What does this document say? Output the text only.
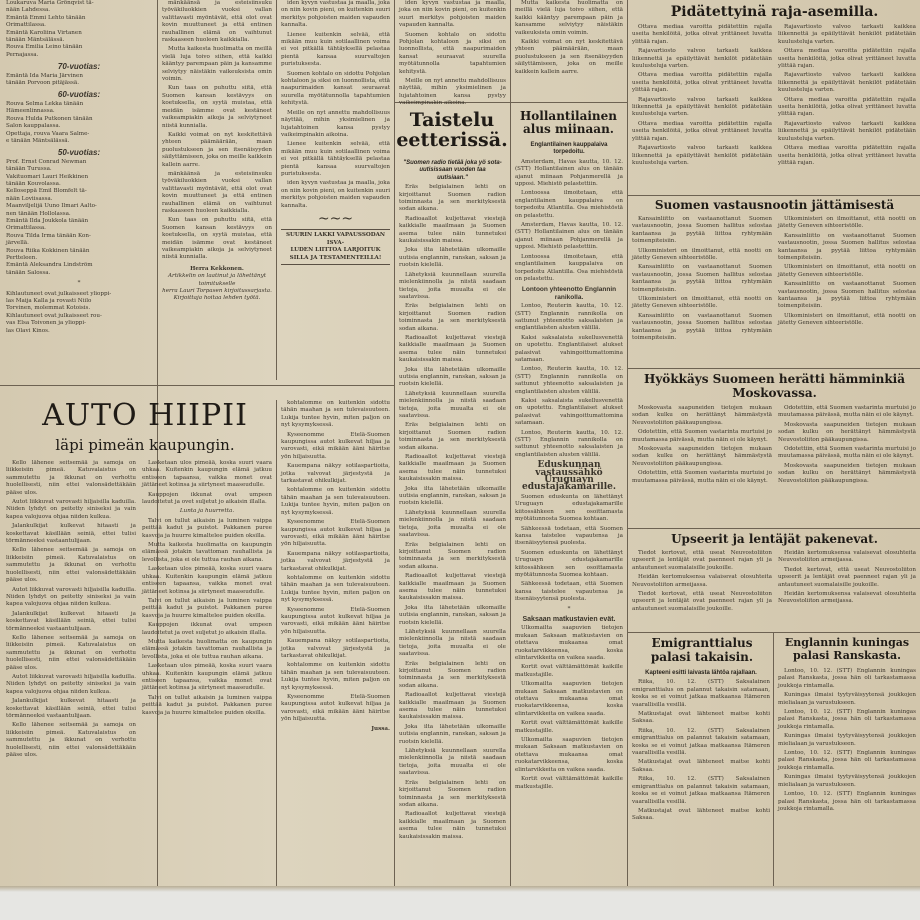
Loukaruva Maria Grönqvist tä-
nään Lahdessa.
Emäntä Emmi Lehto tänään
Orimattilassa.
Emäntä Karoliina Virtanen
tänään Mäntsälässä.
Rouva Emilia Leino tänään
Pernajassa.
70-vuotias:
Emäntä Ida Maria Järvinen
tänään Porvoon pitäjässä.
60-vuotias:
Rouva Selma Lekka tänään
Hämeenlinnassa.
Rouva Hulda Putkonen tänään
Salon kauppalassa.
Opettaja, rouva Vaara Salme-
e tänään Mäntsälässä.
50-vuotias:
Prof. Ernst Conrad Newman
tänään Turussa.
Vakituomari Lauri Heikkinen
tänään Kouvolassa.
Kelloseppä Emil Blomfelt tä-
nään Loviisassa.
Maanviljelijä Uuno Ilmari Aalto-
nen tänään Hollolassa.
Emäntä Ilda Joukkola tänään
Orimattilassa.
Rouva Tilda Irma tänään Kon-
järvellä.
Rouva Riika Kokkinen tänään
Pertteleen.
Emäntä Aleksandra Lindström
tänään Salossa.
*
Kihlautuneet ovat julkaisseet ylioppi-
las Maija Kalla ja rovasti Niilo
Torvinen, molemmat Kotoisis.
Kihlautuneet ovat julkaisseet rou-
vas Elsa Toivonen ja ylioppi-
las Olavi Kinos.

mänkäänsä ja esteisiinsuku työväkiluokkien vuoksi vallan valittavasti myöntävät, että olot ovat kovin muuttuneet ja että entinen rauhallinen elämä on vaihtunut raskaaseen huoleen kaikkialla.

Mutta kaikesta huolimatta on meillä vielä luja toivo siihen, että kaikki kääntyy parempaan päin ja kansamme selviytyy näistäkin vaikeuksista omin voimin.

Kun taas on puhuttu siitä, että Suomen kansan kestävyys on koetuksella, on syytä muistaa, että meidän isämme ovat kestäneet vaikeampiakin aikoja ja selviytyneet niistä kunnialla.

Kaikki voimat on nyt keskitettävä yhteen päämäärään, maan puolustukseen ja sen itsenäisyyden säilyttämiseen, joka on meille kaikkein kallein aarre.

mänkäänsä ja esteisiinsuku työväkiluokkien vuoksi vallan valittavasti myöntävät, että olot ovat kovin muuttuneet ja että entinen rauhallinen elämä on vaihtunut raskaaseen huoleen kaikkialla.

Kun taas on puhuttu siitä, että Suomen kansan kestävyys on koetuksella, on syytä muistaa, että meidän isämme ovat kestäneet vaikeampiakin aikoja ja selviytyneet niistä kunnialla.

Herra Kekkonen.
Artikkelin on laatinut ja lähettänyt toimitukselle
herra Lauri Torpasen kirjoitussarjasta.
Kirjoittaja hoitaa lehden työtä.

iden kyvyn vastustaa ja maalla, joka on niin kovin pieni, on kuitenkin suuri merkitys pohjoisten maiden vapauden kannalta.

Lienee kuitenkin selvää, että mikään muu kuin sotilaallinen voima ei voi pitkällä tähtäyksellä pelastaa pientä kansaa suurvaltojen puristuksesta.

Suomen kohtalo on sidottu Pohjolan kohtaloon ja siksi on luonnollista, että naapurimaiden kansat seuraavat suurella myötätunnolla tapahtumien kehitystä.

Meille on nyt annettu mahdollisuus näyttää, mihin yksimielinen ja lujatahtoinen kansa pystyy vaikeimpinakin aikoina.

Lienee kuitenkin selvää, että mikään muu kuin sotilaallinen voima ei voi pitkällä tähtäyksellä pelastaa pientä kansaa suurvaltojen puristuksesta.

iden kyvyn vastustaa ja maalla, joka on niin kovin pieni, on kuitenkin suuri merkitys pohjoisten maiden vapauden kannalta.

~~~
SUURIN LAKKI VAPAUSSODAN ISVA-
LUDEN LIITTOA LARJOITUK
SILLA JA TESTAMENTEILLA!
AUTO HIIPII
läpi pimeän kaupungin.

Kello lähenee seitsemää ja samoja on liikkeisiin pimeä. Katuvalaistus on sammutettu ja ikkunat on verhottu huolellisesti, niin ettei valonsädettäkään pääse ulos.

Autot liikkuvat varovasti hiljaisilla kaduilla. Niiden lyhdyt on peitetty siniseksi ja vain kapea valojuova ohjaa niiden kulkua.

Jalankulkijat kulkevat hitaasti ja koskettavat käsillään seiniä, ettei tulisi törmänneeksi vastaantulijaan.

Kello lähenee seitsemää ja samoja on liikkeisiin pimeä. Katuvalaistus on sammutettu ja ikkunat on verhottu huolellisesti, niin ettei valonsädettäkään pääse ulos.

Autot liikkuvat varovasti hiljaisilla kaduilla. Niiden lyhdyt on peitetty siniseksi ja vain kapea valojuova ohjaa niiden kulkua.

Jalankulkijat kulkevat hitaasti ja koskettavat käsillään seiniä, ettei tulisi törmänneeksi vastaantulijaan.

Kello lähenee seitsemää ja samoja on liikkeisiin pimeä. Katuvalaistus on sammutettu ja ikkunat on verhottu huolellisesti, niin ettei valonsädettäkään pääse ulos.

Autot liikkuvat varovasti hiljaisilla kaduilla. Niiden lyhdyt on peitetty siniseksi ja vain kapea valojuova ohjaa niiden kulkua.

Jalankulkijat kulkevat hitaasti ja koskettavat käsillään seiniä, ettei tulisi törmänneeksi vastaantulijaan.

Kello lähenee seitsemää ja samoja on liikkeisiin pimeä. Katuvalaistus on sammutettu ja ikkunat on verhottu huolellisesti, niin ettei valonsädettäkään pääse ulos.

Lasketaan ulos pimeää, koska suuri vaara uhkaa. Kuitenkin kaupungin elämä jatkuu entiseen tapaansa, vaikka monet ovat jättäneet kotinsa ja siirtyneet maaseudulle.

Kauppojen ikkunat ovat umpeen laudoitetut ja ovet suljetut jo aikaisin illalla.

Lunta ja huurretta.

Talvi on tullut aikaisin ja luminen vaippa peittää kadut ja puistot. Pakkanen puree kasvoja ja huurre kimaltelee puiden oksilla.

Mutta kaikesta huolimatta on kaupungin elämässä jotakin tavattoman rauhallista ja levollista, joka ei ole tuttua rauhan aikana.

Lasketaan ulos pimeää, koska suuri vaara uhkaa. Kuitenkin kaupungin elämä jatkuu entiseen tapaansa, vaikka monet ovat jättäneet kotinsa ja siirtyneet maaseudulle.

Talvi on tullut aikaisin ja luminen vaippa peittää kadut ja puistot. Pakkanen puree kasvoja ja huurre kimaltelee puiden oksilla.

Kauppojen ikkunat ovat umpeen laudoitetut ja ovet suljetut jo aikaisin illalla.

Mutta kaikesta huolimatta on kaupungin elämässä jotakin tavattoman rauhallista ja levollista, joka ei ole tuttua rauhan aikana.

Lasketaan ulos pimeää, koska suuri vaara uhkaa. Kuitenkin kaupungin elämä jatkuu entiseen tapaansa, vaikka monet ovat jättäneet kotinsa ja siirtyneet maaseudulle.

Talvi on tullut aikaisin ja luminen vaippa peittää kadut ja puistot. Pakkanen puree kasvoja ja huurre kimaltelee puiden oksilla.

kohtalomme on kuitenkin sidottu tähän maahan ja sen tulevaisuuteen. Lukija tuntee hyvin, miten paljon on nyt kysymyksessä.

Kyseenomme Etelä-Suomen kaupungissa autot kulkevat hiljaa ja varovasti, eikä mikään ääni häiritse yön hiljaisuutta.

Kauempana näkyy sotilaspartioita, jotka valvovat järjestystä ja tarkastavat ohikulkijat.

kohtalomme on kuitenkin sidottu tähän maahan ja sen tulevaisuuteen. Lukija tuntee hyvin, miten paljon on nyt kysymyksessä.

Kyseenomme Etelä-Suomen kaupungissa autot kulkevat hiljaa ja varovasti, eikä mikään ääni häiritse yön hiljaisuutta.

Kauempana näkyy sotilaspartioita, jotka valvovat järjestystä ja tarkastavat ohikulkijat.

kohtalomme on kuitenkin sidottu tähän maahan ja sen tulevaisuuteen. Lukija tuntee hyvin, miten paljon on nyt kysymyksessä.

Kyseenomme Etelä-Suomen kaupungissa autot kulkevat hiljaa ja varovasti, eikä mikään ääni häiritse yön hiljaisuutta.

Kauempana näkyy sotilaspartioita, jotka valvovat järjestystä ja tarkastavat ohikulkijat.

kohtalomme on kuitenkin sidottu tähän maahan ja sen tulevaisuuteen. Lukija tuntee hyvin, miten paljon on nyt kysymyksessä.

Kyseenomme Etelä-Suomen kaupungissa autot kulkevat hiljaa ja varovasti, eikä mikään ääni häiritse yön hiljaisuutta.

Jussa.

iden kyvyn vastustaa ja maalla, joka on niin kovin pieni, on kuitenkin suuri merkitys pohjoisten maiden vapauden kannalta.

Suomen kohtalo on sidottu Pohjolan kohtaloon ja siksi on luonnollista, että naapurimaiden kansat seuraavat suurella myötätunnolla tapahtumien kehitystä.

Meille on nyt annettu mahdollisuus näyttää, mihin yksimielinen ja lujatahtoinen kansa pystyy vaikeimpinakin aikoina.

Taistelu eetterissä.
"Suomen radio tietää joka yö sota-
uutisissaan vuoden taa
uutisiaan."

Eräs belgialainen lehti on kirjoittanut Suomen radion toiminnasta ja sen merkityksestä sodan aikana.

Radioaallot kuljettavat viestejä kaikkialle maailmaan ja Suomen asema tulee näin tunnetuksi kaukaisissakin maissa.

Joka ilta lähetetään ulkomaille uutisia englannin, ranskan, saksan ja ruotsin kielellä.

Lähetyksiä kuunnellaan suurella mielenkiinnolla ja niistä saadaan tietoja, joita muualta ei ole saatavissa.

Eräs belgialainen lehti on kirjoittanut Suomen radion toiminnasta ja sen merkityksestä sodan aikana.

Radioaallot kuljettavat viestejä kaikkialle maailmaan ja Suomen asema tulee näin tunnetuksi kaukaisissakin maissa.

Joka ilta lähetetään ulkomaille uutisia englannin, ranskan, saksan ja ruotsin kielellä.

Lähetyksiä kuunnellaan suurella mielenkiinnolla ja niistä saadaan tietoja, joita muualta ei ole saatavissa.

Eräs belgialainen lehti on kirjoittanut Suomen radion toiminnasta ja sen merkityksestä sodan aikana.

Radioaallot kuljettavat viestejä kaikkialle maailmaan ja Suomen asema tulee näin tunnetuksi kaukaisissakin maissa.

Joka ilta lähetetään ulkomaille uutisia englannin, ranskan, saksan ja ruotsin kielellä.

Lähetyksiä kuunnellaan suurella mielenkiinnolla ja niistä saadaan tietoja, joita muualta ei ole saatavissa.

Eräs belgialainen lehti on kirjoittanut Suomen radion toiminnasta ja sen merkityksestä sodan aikana.

Radioaallot kuljettavat viestejä kaikkialle maailmaan ja Suomen asema tulee näin tunnetuksi kaukaisissakin maissa.

Joka ilta lähetetään ulkomaille uutisia englannin, ranskan, saksan ja ruotsin kielellä.

Lähetyksiä kuunnellaan suurella mielenkiinnolla ja niistä saadaan tietoja, joita muualta ei ole saatavissa.

Eräs belgialainen lehti on kirjoittanut Suomen radion toiminnasta ja sen merkityksestä sodan aikana.

Radioaallot kuljettavat viestejä kaikkialle maailmaan ja Suomen asema tulee näin tunnetuksi kaukaisissakin maissa.

Joka ilta lähetetään ulkomaille uutisia englannin, ranskan, saksan ja ruotsin kielellä.

Lähetyksiä kuunnellaan suurella mielenkiinnolla ja niistä saadaan tietoja, joita muualta ei ole saatavissa.

Eräs belgialainen lehti on kirjoittanut Suomen radion toiminnasta ja sen merkityksestä sodan aikana.

Radioaallot kuljettavat viestejä kaikkialle maailmaan ja Suomen asema tulee näin tunnetuksi kaukaisissakin maissa.

Mutta kaikesta huolimatta on meillä vielä luja toivo siihen, että kaikki kääntyy parempaan päin ja kansamme selviytyy näistäkin vaikeuksista omin voimin.

Kaikki voimat on nyt keskitettävä yhteen päämäärään, maan puolustukseen ja sen itsenäisyyden säilyttämiseen, joka on meille kaikkein kallein aarre.

Hollantilainen alus miinaan.
Englantilainen kauppalaiva torpedoitu.

Amsterdam, Havas kautta, 10. 12. (STT) Hollantilainen alus on tänään ajanut miinaan Pohjanmerellä ja upposi. Miehistö pelastettiin.

Lontoossa ilmoitetaan, että englantilainen kauppalaiva on torpedoitu Atlantilla. Osa miehistöstä on pelastettu.

Amsterdam, Havas kautta, 10. 12. (STT) Hollantilainen alus on tänään ajanut miinaan Pohjanmerellä ja upposi. Miehistö pelastettiin.

Lontoossa ilmoitetaan, että englantilainen kauppalaiva on torpedoitu Atlantilla. Osa miehistöstä on pelastettu.

Lontoon yhteenotto Englannin ranikolla.

Lontoo, Reuterin kautta, 10. 12. (STT) Englannin rannikolla on sattunut yhteenotto saksalaisten ja englantilaisten alusten välillä.

Kaksi saksalaista sukellusvenettä on upotettu. Englantilaiset alukset palasivat vahingoittumattomina satamaan.

Lontoo, Reuterin kautta, 10. 12. (STT) Englannin rannikolla on sattunut yhteenotto saksalaisten ja englantilaisten alusten välillä.

Kaksi saksalaista sukellusvenettä on upotettu. Englantilaiset alukset palasivat vahingoittumattomina satamaan.

Lontoo, Reuterin kautta, 10. 12. (STT) Englannin rannikolla on sattunut yhteenotto saksalaisten ja englantilaisten alusten välillä.

Eduskunnan vastaussähkö Uruguayn edustajakamarille.

Suomen eduskunta on lähettänyt Uruguayn edustajakamarille kiitossähkeen sen osoittamasta myötätunnosta Suomea kohtaan.

Sähkeessä todetaan, että Suomen kansa taistelee vapautensa ja itsenäisyytensä puolesta.

Suomen eduskunta on lähettänyt Uruguayn edustajakamarille kiitossähkeen sen osoittamasta myötätunnosta Suomea kohtaan.

Sähkeessä todetaan, että Suomen kansa taistelee vapautensa ja itsenäisyytensä puolesta.

*
Saksaan matkustavien evät.

Ulkomailta saapuvien tietojen mukaan Saksaan matkustavien on otettava mukaansa omat ruokatarvikkeensa, koska elintarvikkeita on vaikea saada.

Kortit ovat välttämättömät kaikille matkustajille.

Ulkomailta saapuvien tietojen mukaan Saksaan matkustavien on otettava mukaansa omat ruokatarvikkeensa, koska elintarvikkeita on vaikea saada.

Kortit ovat välttämättömät kaikille matkustajille.

Ulkomailta saapuvien tietojen mukaan Saksaan matkustavien on otettava mukaansa omat ruokatarvikkeensa, koska elintarvikkeita on vaikea saada.

Kortit ovat välttämättömät kaikille matkustajille.

Pidätettyinä raja-asemilla.

Ottava mediaa varoitta pidätettiin rajalla useita henkilöitä, jotka olivat yrittäneet luvatta ylittää rajan.

Rajavartiosto valvoo tarkasti kaikkea liikennettä ja epäilyttävät henkilöt pidätetään kuulusteluja varten.

Ottava mediaa varoitta pidätettiin rajalla useita henkilöitä, jotka olivat yrittäneet luvatta ylittää rajan.

Rajavartiosto valvoo tarkasti kaikkea liikennettä ja epäilyttävät henkilöt pidätetään kuulusteluja varten.

Ottava mediaa varoitta pidätettiin rajalla useita henkilöitä, jotka olivat yrittäneet luvatta ylittää rajan.

Rajavartiosto valvoo tarkasti kaikkea liikennettä ja epäilyttävät henkilöt pidätetään kuulusteluja varten.

Rajavartiosto valvoo tarkasti kaikkea liikennettä ja epäilyttävät henkilöt pidätetään kuulusteluja varten.

Ottava mediaa varoitta pidätettiin rajalla useita henkilöitä, jotka olivat yrittäneet luvatta ylittää rajan.

Rajavartiosto valvoo tarkasti kaikkea liikennettä ja epäilyttävät henkilöt pidätetään kuulusteluja varten.

Ottava mediaa varoitta pidätettiin rajalla useita henkilöitä, jotka olivat yrittäneet luvatta ylittää rajan.

Rajavartiosto valvoo tarkasti kaikkea liikennettä ja epäilyttävät henkilöt pidätetään kuulusteluja varten.

Ottava mediaa varoitta pidätettiin rajalla useita henkilöitä, jotka olivat yrittäneet luvatta ylittää rajan.

Suomen vastausnootin jättämisestä

Kansainliitto on vastaanottanut Suomen vastausnootin, jossa Suomen hallitus selostaa kantaansa ja pyytää liittoa ryhtymään toimenpiteisiin.

Ulkoministeri on ilmoittanut, että nootti on jätetty Geneven sihteeristölle.

Kansainliitto on vastaanottanut Suomen vastausnootin, jossa Suomen hallitus selostaa kantaansa ja pyytää liittoa ryhtymään toimenpiteisiin.

Ulkoministeri on ilmoittanut, että nootti on jätetty Geneven sihteeristölle.

Kansainliitto on vastaanottanut Suomen vastausnootin, jossa Suomen hallitus selostaa kantaansa ja pyytää liittoa ryhtymään toimenpiteisiin.

Ulkoministeri on ilmoittanut, että nootti on jätetty Geneven sihteeristölle.

Kansainliitto on vastaanottanut Suomen vastausnootin, jossa Suomen hallitus selostaa kantaansa ja pyytää liittoa ryhtymään toimenpiteisiin.

Ulkoministeri on ilmoittanut, että nootti on jätetty Geneven sihteeristölle.

Kansainliitto on vastaanottanut Suomen vastausnootin, jossa Suomen hallitus selostaa kantaansa ja pyytää liittoa ryhtymään toimenpiteisiin.

Ulkoministeri on ilmoittanut, että nootti on jätetty Geneven sihteeristölle.

Hyökkäys Suomeen herätti hämminkiä Moskovassa.

Moskovasta saapuneiden tietojen mukaan sodan kulku on herättänyt hämmästystä Neuvostoliiton pääkaupungissa.

Odotettiin, että Suomen vastarinta murtuisi jo muutamassa päivässä, mutta näin ei ole käynyt.

Moskovasta saapuneiden tietojen mukaan sodan kulku on herättänyt hämmästystä Neuvostoliiton pääkaupungissa.

Odotettiin, että Suomen vastarinta murtuisi jo muutamassa päivässä, mutta näin ei ole käynyt.

Odotettiin, että Suomen vastarinta murtuisi jo muutamassa päivässä, mutta näin ei ole käynyt.

Moskovasta saapuneiden tietojen mukaan sodan kulku on herättänyt hämmästystä Neuvostoliiton pääkaupungissa.

Odotettiin, että Suomen vastarinta murtuisi jo muutamassa päivässä, mutta näin ei ole käynyt.

Moskovasta saapuneiden tietojen mukaan sodan kulku on herättänyt hämmästystä Neuvostoliiton pääkaupungissa.

Upseerit ja lentäjät pakenevat.

Tiedot kertovat, että useat Neuvostoliiton upseerit ja lentäjät ovat paenneet rajan yli ja antautuneet suomalaisille joukoille.

Heidän kertomuksensa valaisevat olosuhteita Neuvostoliiton armeijassa.

Tiedot kertovat, että useat Neuvostoliiton upseerit ja lentäjät ovat paenneet rajan yli ja antautuneet suomalaisille joukoille.

Heidän kertomuksensa valaisevat olosuhteita Neuvostoliiton armeijassa.

Tiedot kertovat, että useat Neuvostoliiton upseerit ja lentäjät ovat paenneet rajan yli ja antautuneet suomalaisille joukoille.

Heidän kertomuksensa valaisevat olosuhteita Neuvostoliiton armeijassa.

Emigranttialus palasi takaisin.
Kapteeni esitti laivasta lähtöa rajallaan.

Riika, 10. 12. (STT) Saksalainen emigranttialus on palannut takaisin satamaan, koska se ei voinut jatkaa matkaansa Itämeren vaarallisilla vesillä.

Matkustajat ovat lähteneet maitse kohti Saksaa.

Riika, 10. 12. (STT) Saksalainen emigranttialus on palannut takaisin satamaan, koska se ei voinut jatkaa matkaansa Itämeren vaarallisilla vesillä.

Matkustajat ovat lähteneet maitse kohti Saksaa.

Riika, 10. 12. (STT) Saksalainen emigranttialus on palannut takaisin satamaan, koska se ei voinut jatkaa matkaansa Itämeren vaarallisilla vesillä.

Matkustajat ovat lähteneet maitse kohti Saksaa.

Englannin kuningas palasi Ranskasta.

Lontoo, 10. 12. (STT) Englannin kuningas palasi Ranskasta, jossa hän oli tarkastamassa joukkoja rintamalla.

Kuningas ilmaisi tyytyväisyytensä joukkojen mielialaan ja varustukseen.

Lontoo, 10. 12. (STT) Englannin kuningas palasi Ranskasta, jossa hän oli tarkastamassa joukkoja rintamalla.

Kuningas ilmaisi tyytyväisyytensä joukkojen mielialaan ja varustukseen.

Lontoo, 10. 12. (STT) Englannin kuningas palasi Ranskasta, jossa hän oli tarkastamassa joukkoja rintamalla.

Kuningas ilmaisi tyytyväisyytensä joukkojen mielialaan ja varustukseen.

Lontoo, 10. 12. (STT) Englannin kuningas palasi Ranskasta, jossa hän oli tarkastamassa joukkoja rintamalla.
